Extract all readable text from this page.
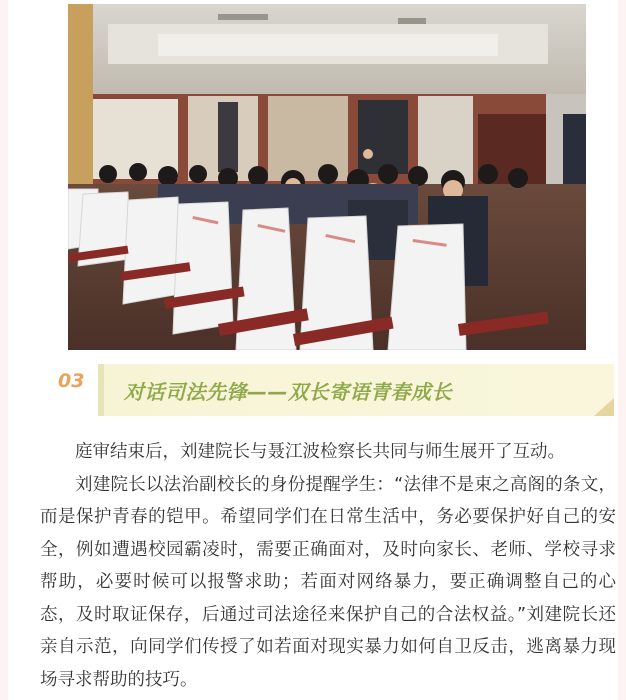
03 对话司法先锋——双长寄语青春成长

庭审结束后，刘建院长与聂江波检察长共同与师生展开了互动。

刘建院长以法治副校长的身份提醒学生：“法律不是束之高阁的条文，而是保护青春的铠甲。希望同学们在日常生活中，务必要保护好自己的安全，例如遭遇校园霸凌时，需要正确面对，及时向家长、老师、学校寻求帮助，必要时候可以报警求助；若面对网络暴力，要正确调整自己的心态，及时取证保存，后通过司法途径来保护自己的合法权益。”刘建院长还亲自示范，向同学们传授了如若面对现实暴力如何自卫反击，逃离暴力现场寻求帮助的技巧。
